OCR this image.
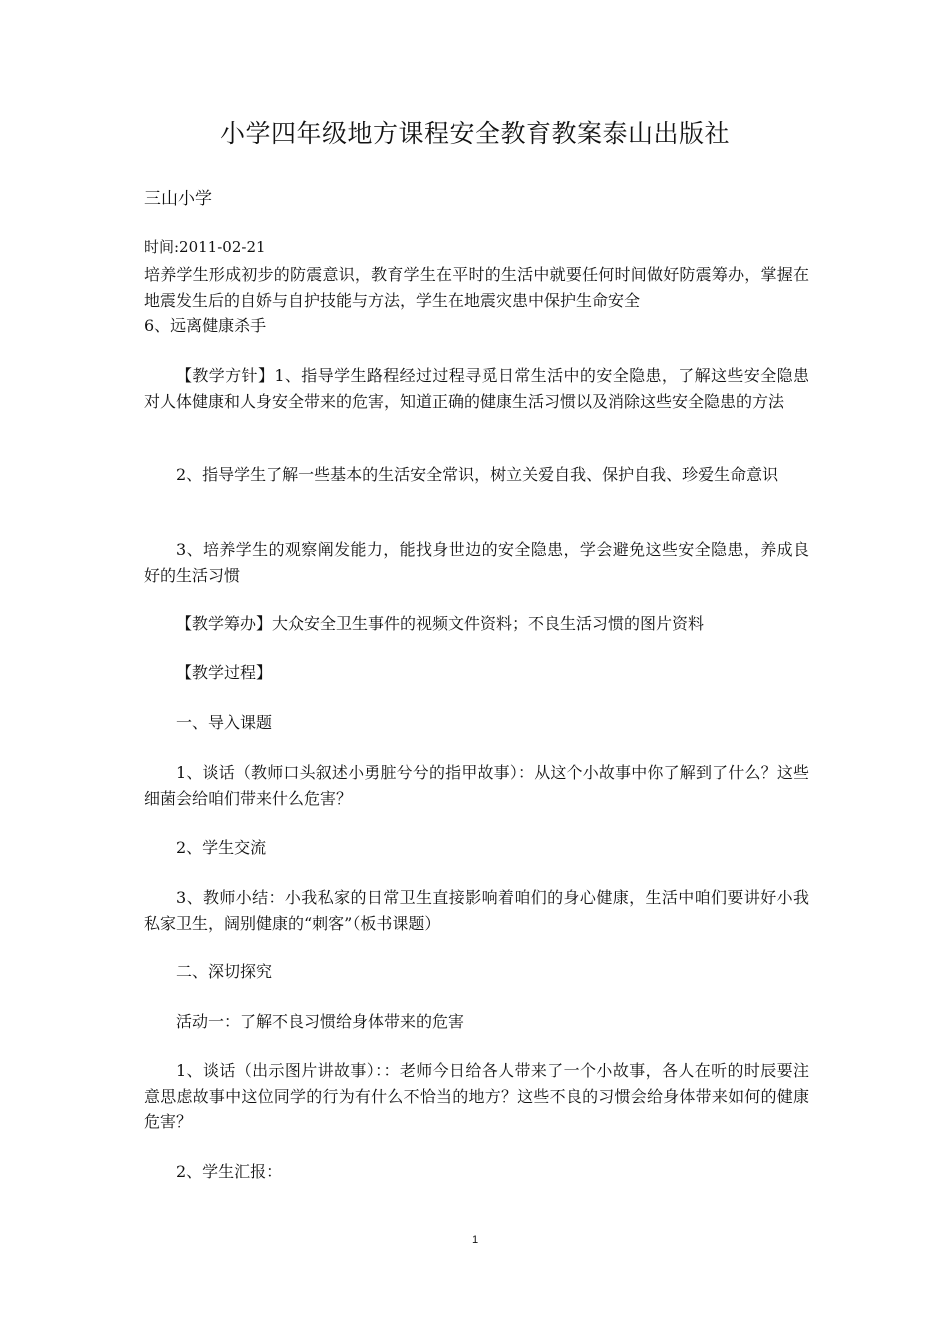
小学四年级地方课程安全教育教案泰山出版社
三山小学
时间:2011-02-21
培养学生形成初步的防震意识，教育学生在平时的生活中就要任何时间做好防震筹办，掌握在地震发生后的自娇与自护技能与方法，学生在地震灾患中保护生命安全
6、远离健康杀手
【教学方针】1、指导学生路程经过过程寻觅日常生活中的安全隐患，了解这些安全隐患对人体健康和人身安全带来的危害，知道正确的健康生活习惯以及消除这些安全隐患的方法
2、指导学生了解一些基本的生活安全常识，树立关爱自我、保护自我、珍爱生命意识
3、培养学生的观察阐发能力，能找身世边的安全隐患，学会避免这些安全隐患，养成良好的生活习惯
【教学筹办】大众安全卫生事件的视频文件资料；不良生活习惯的图片资料
【教学过程】
一、导入课题
1、谈话（教师口头叙述小勇脏兮兮的指甲故事）：从这个小故事中你了解到了什么？这些细菌会给咱们带来什么危害？
2、学生交流
3、教师小结：小我私家的日常卫生直接影响着咱们的身心健康，生活中咱们要讲好小我私家卫生，阔别健康的“刺客”（板书课题）
二、深切探究
活动一：了解不良习惯给身体带来的危害
1、谈话（出示图片讲故事）：：老师今日给各人带来了一个小故事，各人在听的时辰要注意思虑故事中这位同学的行为有什么不恰当的地方？这些不良的习惯会给身体带来如何的健康危害？
2、学生汇报：
1
